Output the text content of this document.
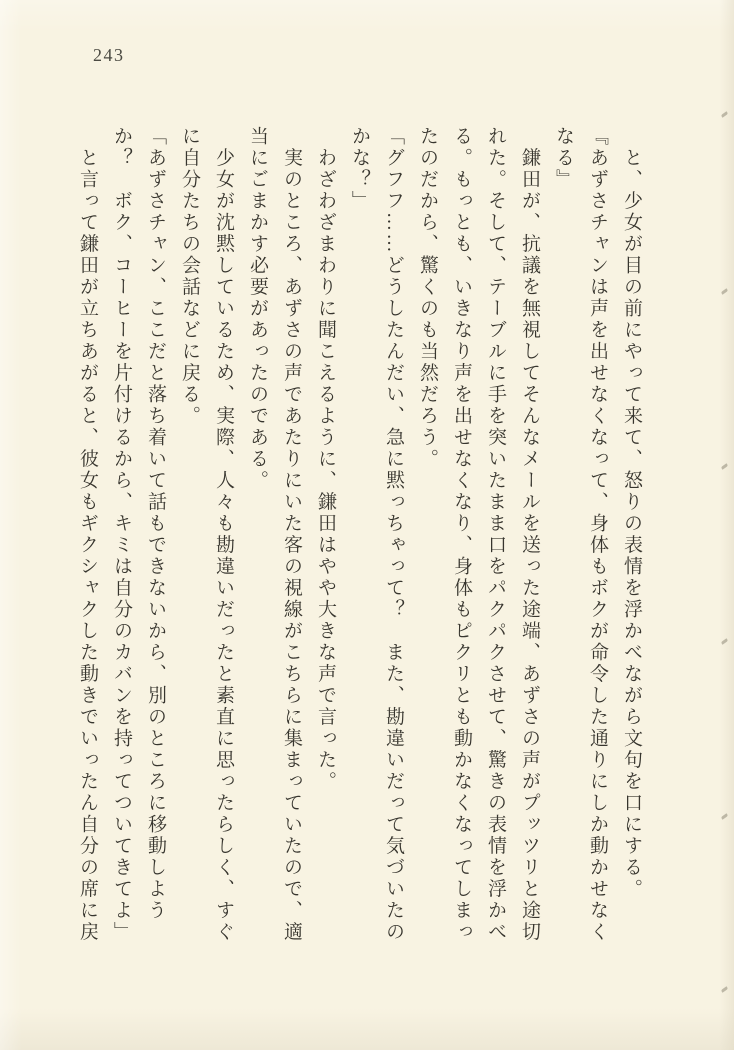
243
　と、少女が目の前にやって来て、怒りの表情を浮かべながら文句を口にする。
『あずさチャンは声を出せなくなって、身体もボクが命令した通りにしか動かせなく
なる』
　鎌田が、抗議を無視してそんなメールを送った途端、あずさの声がプッツリと途切
れた。そして、テーブルに手を突いたまま口をパクパクさせて、驚きの表情を浮かべ
る。もっとも、いきなり声を出せなくなり、身体もピクリとも動かなくなってしまっ
たのだから、驚くのも当然だろう。
「グフフ……どうしたんだい、急に黙っちゃって？　また、勘違いだって気づいたの
かな？」
　わざわざまわりに聞こえるように、鎌田はやや大きな声で言った。
　実のところ、あずさの声であたりにいた客の視線がこちらに集まっていたので、適
当にごまかす必要があったのである。
　少女が沈黙しているため、実際、人々も勘違いだったと素直に思ったらしく、すぐ
に自分たちの会話などに戻る。
「あずさチャン、ここだと落ち着いて話もできないから、別のところに移動しよう
か？　ボク、コーヒーを片付けるから、キミは自分のカバンを持ってついてきてよ」
　と言って鎌田が立ちあがると、彼女もギクシャクした動きでいったん自分の席に戻
